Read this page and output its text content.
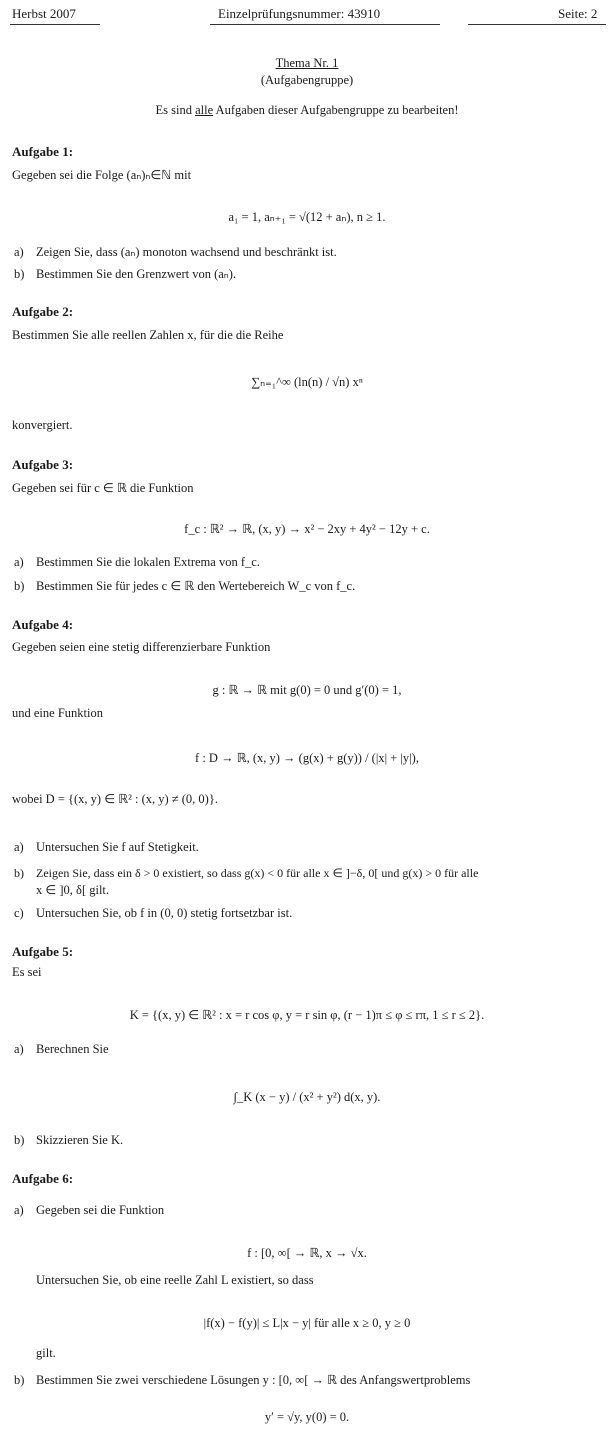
Herbst 2007	Einzelprüfungsnummer: 43910	Seite: 2
Thema Nr. 1
(Aufgabengruppe)
Es sind alle Aufgaben dieser Aufgabengruppe zu bearbeiten!
Aufgabe 1:
Gegeben sei die Folge (aₙ)ₙ∈ℕ mit
a₁ = 1, aₙ₊₁ = √(12 + aₙ), n ≥ 1.
a) Zeigen Sie, dass (aₙ) monoton wachsend und beschränkt ist.
b) Bestimmen Sie den Grenzwert von (aₙ).
Aufgabe 2:
Bestimmen Sie alle reellen Zahlen x, für die die Reihe
∑ₙ₌₁^∞ (ln(n) / √n) xⁿ
konvergiert.
Aufgabe 3:
Gegeben sei für c ∈ ℝ die Funktion
f_c : ℝ² → ℝ, (x, y) → x² − 2xy + 4y² − 12y + c.
a) Bestimmen Sie die lokalen Extrema von f_c.
b) Bestimmen Sie für jedes c ∈ ℝ den Wertebereich W_c von f_c.
Aufgabe 4:
Gegeben seien eine stetig differenzierbare Funktion
g : ℝ → ℝ mit g(0) = 0 und g′(0) = 1,
und eine Funktion
f : D → ℝ, (x, y) → (g(x) + g(y)) / (|x| + |y|),
wobei D = {(x, y) ∈ ℝ² : (x, y) ≠ (0, 0)}.
a) Untersuchen Sie f auf Stetigkeit.
b) Zeigen Sie, dass ein δ > 0 existiert, so dass g(x) < 0 für alle x ∈ ]−δ, 0[ und g(x) > 0 für alle
x ∈ ]0, δ[ gilt.
c) Untersuchen Sie, ob f in (0, 0) stetig fortsetzbar ist.
Aufgabe 5:
Es sei
K = {(x, y) ∈ ℝ² : x = r cos φ, y = r sin φ, (r − 1)π ≤ φ ≤ rπ, 1 ≤ r ≤ 2}.
a) Berechnen Sie
∫_K (x − y) / (x² + y²) d(x, y).
b) Skizzieren Sie K.
Aufgabe 6:
a) Gegeben sei die Funktion
f : [0, ∞[ → ℝ, x → √x.
Untersuchen Sie, ob eine reelle Zahl L existiert, so dass
|f(x) − f(y)| ≤ L|x − y| für alle x ≥ 0, y ≥ 0
gilt.
b) Bestimmen Sie zwei verschiedene Lösungen y : [0, ∞[ → ℝ des Anfangswertproblems
y′ = √y, y(0) = 0.
